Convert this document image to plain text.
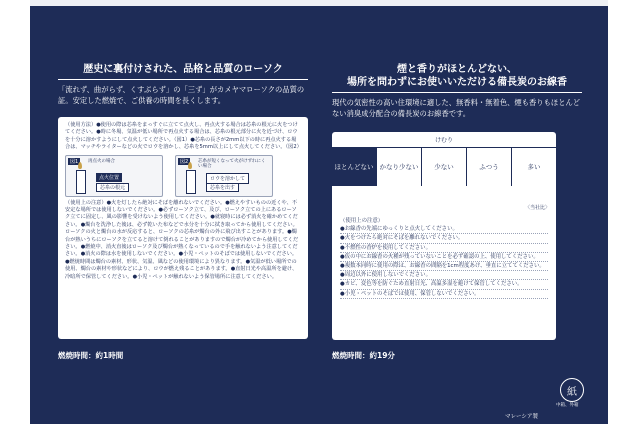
歴史に裏付けされた、品格と品質のローソク
「流れず、曲がらず、くすぶらず」の「三ず」がカメヤマローソクの品質の証。安定した燃焼で、ご供養の時間を長くします。

（使用方法）●使用の際は芯糸をまっすぐに立てて点火し、再点火する場合は芯糸の根元に火をつけてください。●時に冬場、気温が低い場所で再点火する場合は、芯糸の根元部分に火を近づけ、ロウを十分に溶かすようにして点火してください。（図1）●芯糸の長さが2mm以下の時に再点火する場合は、マッチやライターなどの火でロウを溶かし、芯糸を5mm以上にして点火してください。（図2）

図1	再点火の場合
点火位置
芯糸の根元
図2	芯糸が短くなって火がけずれにくい場合
ロウを溶かして
芯糸を出す

（使用上の注意）●火を灯したら絶対にそばを離れないでください。●燃えやすいものの近くや、不安定な場所では使用しないでください。●必ずローソク立て、及び、ローソク立ての上にあるローソク立てに固定し、風の影響を受けないよう使用してください。●就寝時には必ず消火を確かめてください。●燭台を洗浄した後は、必ず乾いた布などで水分を十分に拭き取ってから使用してください。ローソクの火と燭台の水が反応すると、ローソクの芯糸が燭台の外に飛び出すことがあります。●燭台が熱いうちにローソクを立てると溶けて倒れることがありますので燭台が冷めてから使用してください。●燃焼中、消火直後はローソク及び燭台が熱くなっているので手を触れないよう注意してください。●消火の際は水を使用しないでください。●小児・ペットのそばでは使用しないでください。●燃焼時間は燭台の素材、形状、気温、風などの使用環境により異なります。●気温が低い場所での使用、燭台の素材や形状などにより、ロウが燃え残ることがあります。●直射日光や高温所を避け、冷暗所で保管してください。●小児・ペットが触れないよう保管場所に注意してください。

燃焼時間：約1時間
煙と香りがほとんどない、
場所を問わずにお使いいただける備長炭のお線香
現代の気密性の高い住環境に適した、無香料・無着色、煙も香りもほとんどない消臭成分配合の備長炭のお線香です。
けむり
ほとんどない かなり少ない	少ない	ふつう	多い
〈当社比〉

（使用上の注意）

●お線香の先端にゆっくりと点火してください。

●火をつけたら絶対にそばを離れないでください。

●不燃性の香炉を使用してください。

●仮の中にお線香の火種が残っていないことを必ず確認の上、使用してください。

●複数本同時に使用の際は、お線香の間隔を1cm程度あけ、垂直に立ててください。

●周辺以外に使用しないでください。

●カビ、変色等を防ぐため直射日光、高温多湿を避けて保管してください。

●小児・ペットのそばでは使用、保管しないでください。

燃焼時間：約19分
紙
中箱、外箱
マレーシア製
